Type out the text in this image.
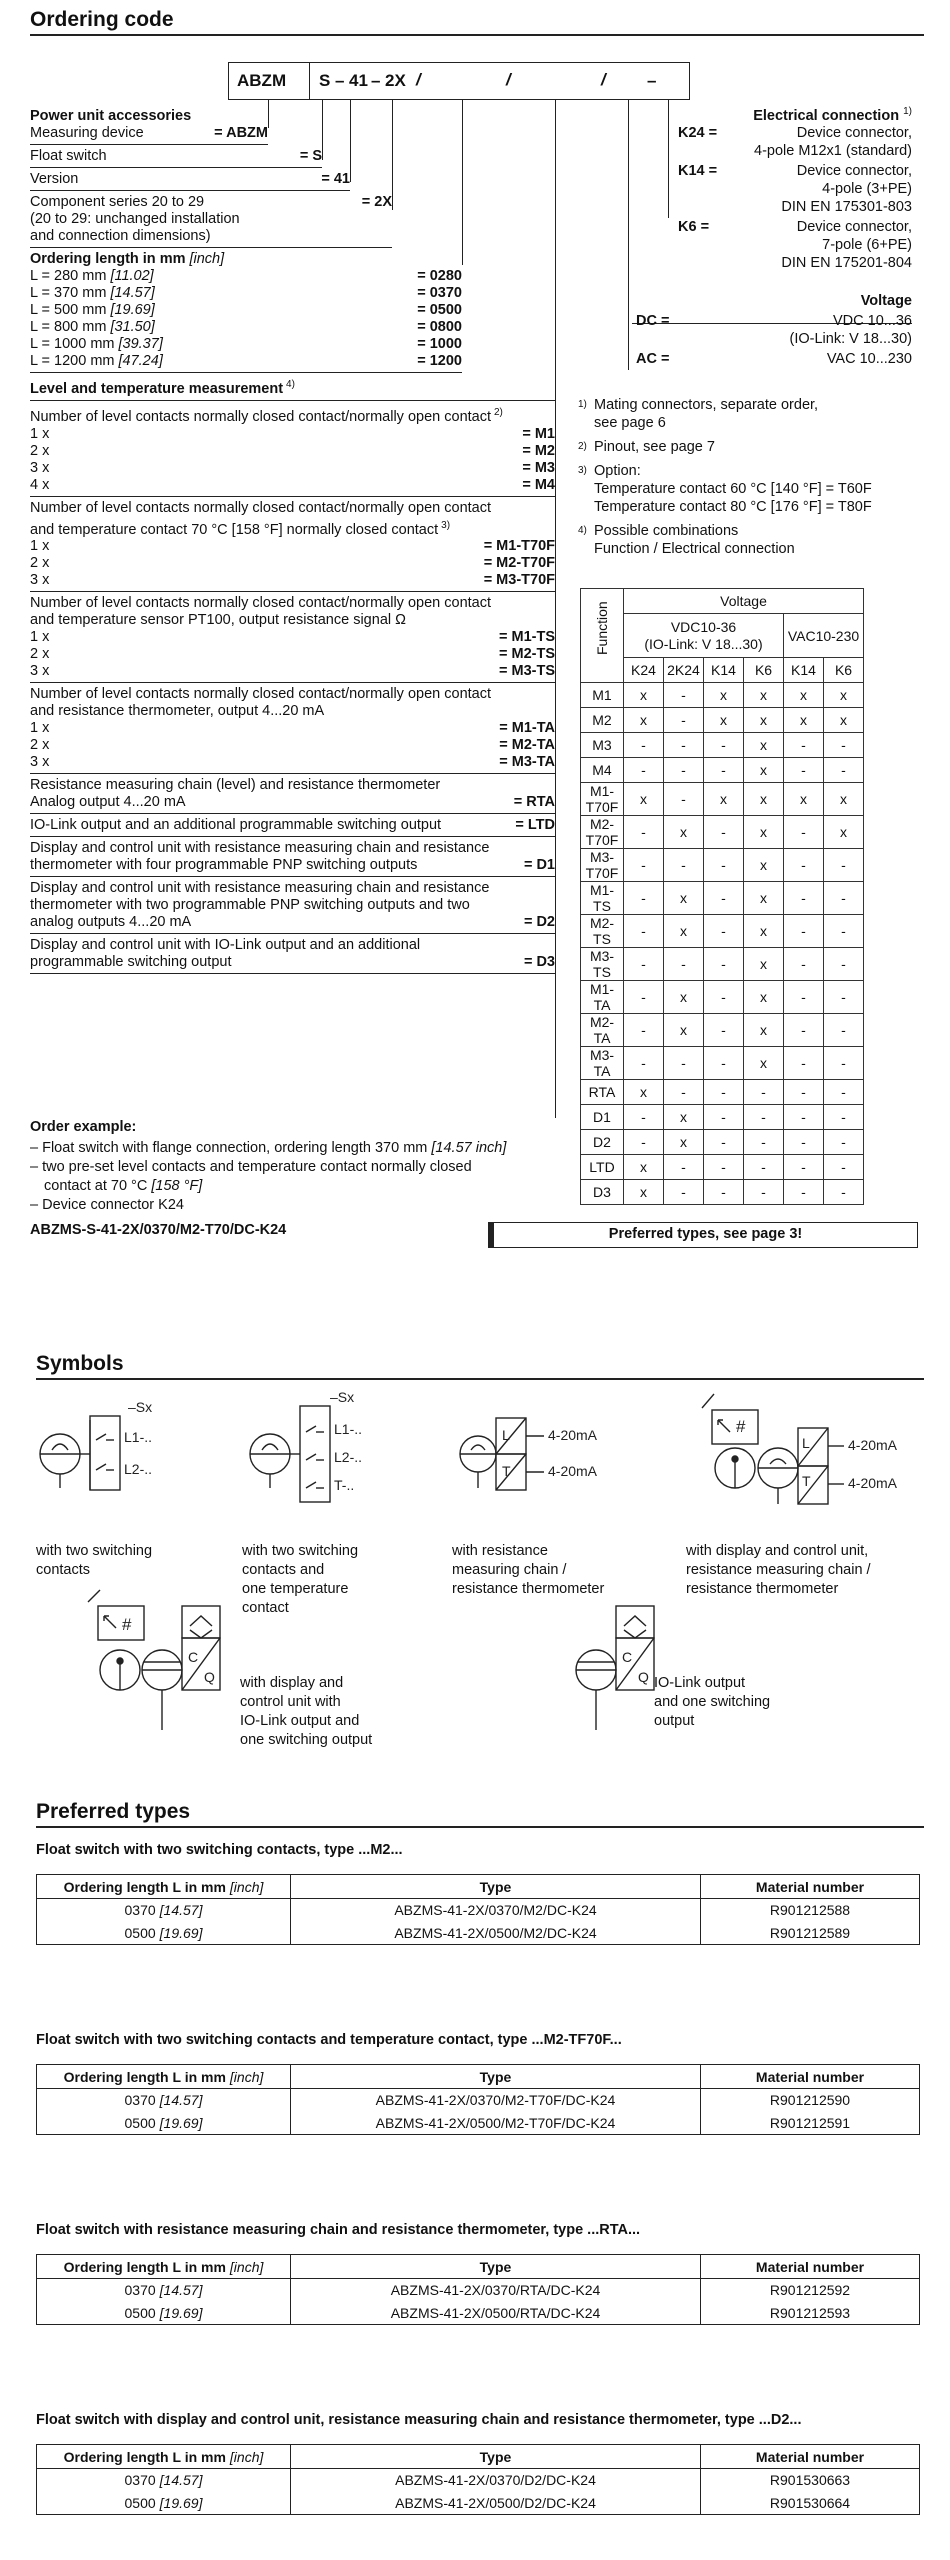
Ordering code
ABZM S – 41 – 2X /	/	/ –
Power unit accessories
Measuring device	= ABZM
Float switch	= S
Version	= 41
Component series 20 to 29	= 2X
(20 to 29: unchanged installation
and connection dimensions)
Ordering length in mm [inch]
L = 280 mm [11.02]	= 0280
L = 370 mm [14.57]	= 0370
L = 500 mm [19.69]	= 0500
L = 800 mm [31.50]	= 0800
L = 1000 mm [39.37]	= 1000
L = 1200 mm [47.24]	= 1200
Level and temperature measurement $^{4)}$
Number of level contacts normally closed contact/normally open contact $^{2)}$
1 x	= M1
2 x	= M2
3 x	= M3
4 x	= M4
Number of level contacts normally closed contact/normally open contact
and temperature contact 70 °C [158 °F] normally closed contact $^{3)}$
1 x	= M1-T70F
2 x	= M2-T70F
3 x	= M3-T70F
Number of level contacts normally closed contact/normally open contact
and temperature sensor PT100, output resistance signal Ω
1 x	= M1-TS
2 x	= M2-TS
3 x	= M3-TS
Number of level contacts normally closed contact/normally open contact
and resistance thermometer, output 4...20 mA
1 x	= M1-TA
2 x	= M2-TA
3 x	= M3-TA
Resistance measuring chain (level) and resistance thermometer
Analog output 4...20 mA	= RTA
IO-Link output and an additional programmable switching output	= LTD
Display and control unit with resistance measuring chain and resistance
thermometer with four programmable PNP switching outputs	= D1
Display and control unit with resistance measuring chain and resistance
thermometer with two programmable PNP switching outputs and two
analog outputs 4...20 mA	= D2
Display and control unit with IO-Link output and an additional
programmable switching output	= D3
Order example:
– Float switch with flange connection, ordering length 370 mm [14.57 inch]
– two pre-set level contacts and temperature contact normally closed
contact at 70 °C [158 °F]
– Device connector K24
ABZMS-S-41-2X/0370/M2-T70/DC-K24	Preferred types, see page 3!
Electrical connection $^{1)}$
K24 =	Device connector,
4-pole M12x1 (standard)
K14 =	Device connector,
4-pole (3+PE)
DIN EN 175301-803
K6 =	Device connector,
7-pole (6+PE)
DIN EN 175201-804
Voltage
DC =	VDC 10...36
(IO-Link: V 18...30)
AC =	VAC 10...230
1) Mating connectors, separate order,
see page 6
2) Pinout, see page 7
3) Option:
Temperature contact 60 °C [140 °F] = T60F
Temperature contact 80 °C [176 °F] = T80F
4) Possible combinations
Function / Electrical connection
Function	Voltage					

	VDC10-36
(IO-Link: V 18...30)				VAC10-230	
	K24	2K24	K14	K6	K14	K6
M1	x	-	x	x	x	x
M2	x	-	x	x	x	x
M3	-	-	-	x	-	-
M4	-	-	-	x	-	-
M1-T70F	x	-	x	x	x	x
M2-T70F	-	x	-	x	-	x
M3-T70F	-	-	-	x	-	-
M1-TS	-	x	-	x	-	-
M2-TS	-	x	-	x	-	-
M3-TS	-	-	-	x	-	-
M1-TA	-	x	-	x	-	-
M2-TA	-	x	-	x	-	-
M3-TA	-	-	-	x	-	-
RTA	x	-	-	-	-	-
D1	-	x	-	-	-	-
D2	-	x	-	-	-	-
LTD	x	-	-	-	-	-
D3	x	-	-	-	-	-
Symbols
–Sx
L1-..
L2-..
–Sx
L1-..
L2-..
T-..
4-20mA
4-20mA
L
T
#
4-20mA
4-20mA
L
T
#
C
Q
C
Q
with two switching
contacts
with two switching
contacts and
one temperature
contact
with resistance
measuring chain /
resistance thermometer
with display and control unit,
resistance measuring chain /
resistance thermometer
with display and
control unit with
IO-Link output and
one switching output
IO-Link output
and one switching
output
Preferred types
Float switch with two switching contacts, type ...M2...
Ordering length L in mm [inch]	Type	Material number
0370 [14.57]	ABZMS-41-2X/0370/M2/DC-K24	R901212588
0500 [19.69]	ABZMS-41-2X/0500/M2/DC-K24	R901212589
Float switch with two switching contacts and temperature contact, type ...M2-TF70F...
Ordering length L in mm [inch]	Type	Material number
0370 [14.57]	ABZMS-41-2X/0370/M2-T70F/DC-K24	R901212590
0500 [19.69]	ABZMS-41-2X/0500/M2-T70F/DC-K24	R901212591
Float switch with resistance measuring chain and resistance thermometer, type ...RTA...
Ordering length L in mm [inch]	Type	Material number
0370 [14.57]	ABZMS-41-2X/0370/RTA/DC-K24	R901212592
0500 [19.69]	ABZMS-41-2X/0500/RTA/DC-K24	R901212593
Float switch with display and control unit, resistance measuring chain and resistance thermometer, type ...D2...
Ordering length L in mm [inch]	Type	Material number
0370 [14.57]	ABZMS-41-2X/0370/D2/DC-K24	R901530663
0500 [19.69]	ABZMS-41-2X/0500/D2/DC-K24	R901530664
